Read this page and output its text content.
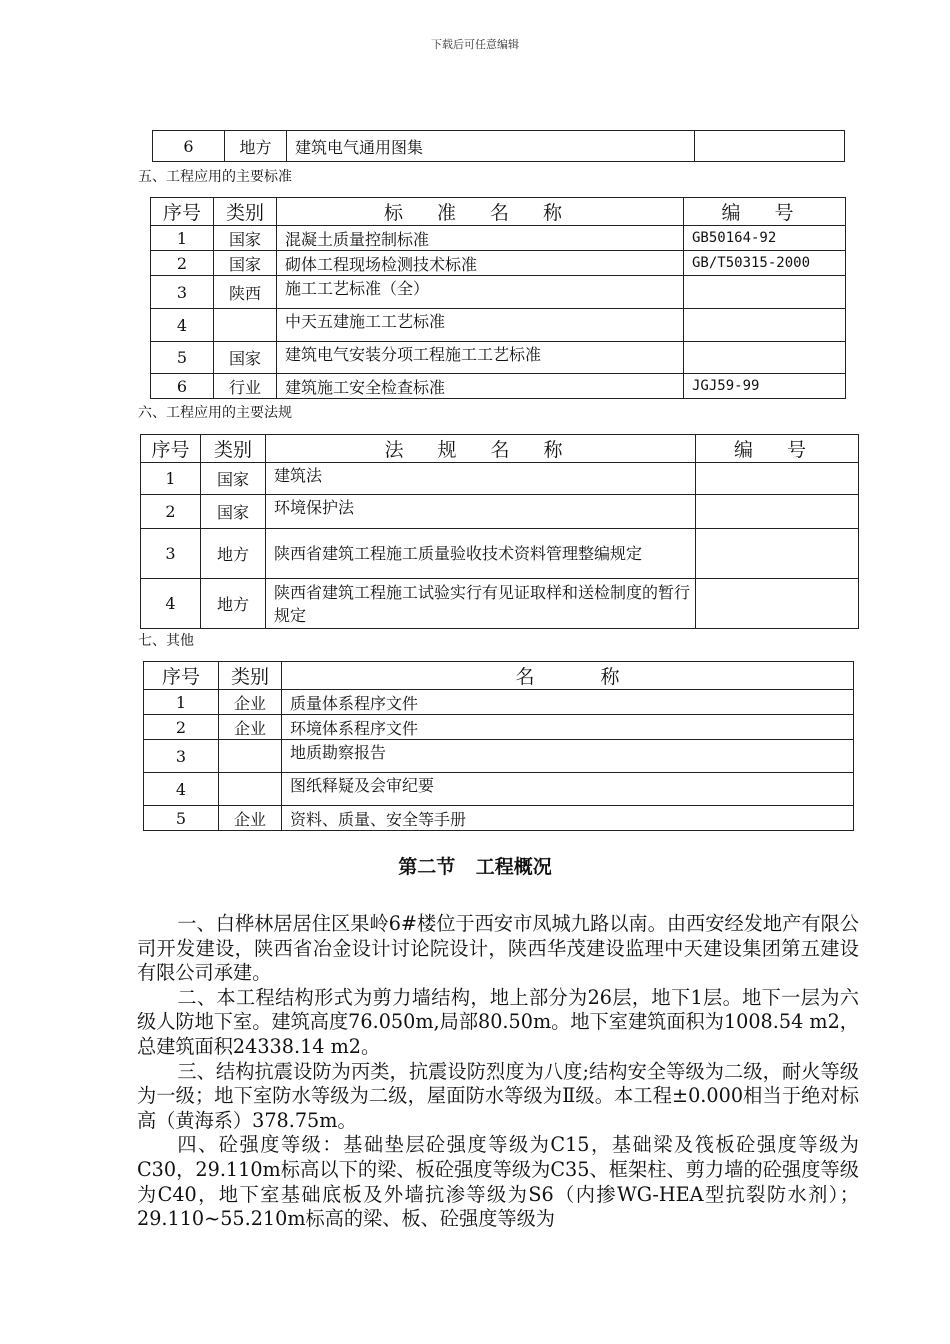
下载后可任意编辑
6	地方	建筑电气通用图集	
五、工程应用的主要标准
序号	类别	标 准 名 称	编 号
1	国家	混凝土质量控制标准	GB50164-92
2	国家	砌体工程现场检测技术标准	GB/T50315-2000
3	陕西	施工工艺标准（全）	
4		中天五建施工工艺标准	
5	国家	建筑电气安装分项工程施工工艺标准	
6	行业	建筑施工安全检查标准	JGJ59-99
六、工程应用的主要法规
序号	类别	法 规 名 称	编 号
1	国家	建筑法	
2	国家	环境保护法	
3	地方	陕西省建筑工程施工质量验收技术资料管理整编规定	
4	地方	陕西省建筑工程施工试验实行有见证取样和送检制度的暂行规定	
七、其他
序号	类别	名 称
1	企业	质量体系程序文件
2	企业	环境体系程序文件
3		地质勘察报告
4		图纸释疑及会审纪要
5	企业	资料、质量、安全等手册
第二节 工程概况

一、白桦林居居住区果岭6#楼位于西安市凤城九路以南。由西安经发地产有限公司开发建设，陕西省冶金设计讨论院设计，陕西华茂建设监理中天建设集团第五建设有限公司承建。

二、本工程结构形式为剪力墙结构，地上部分为26层，地下1层。地下一层为六级人防地下室。建筑高度76.050m,局部80.50m。地下室建筑面积为1008.54 m2，总建筑面积24338.14 m2。

三、结构抗震设防为丙类，抗震设防烈度为八度;结构安全等级为二级，耐火等级为一级；地下室防水等级为二级，屋面防水等级为Ⅱ级。本工程±0.000相当于绝对标高（黄海系）378.75m。

四、砼强度等级：基础垫层砼强度等级为C15，基础梁及筏板砼强度等级为C30，29.110m标高以下的梁、板砼强度等级为C35、框架柱、剪力墙的砼强度等级为C40，地下室基础底板及外墙抗渗等级为S6（内掺WG-HEA型抗裂防水剂）；29.110~55.210m标高的梁、板、砼强度等级为
